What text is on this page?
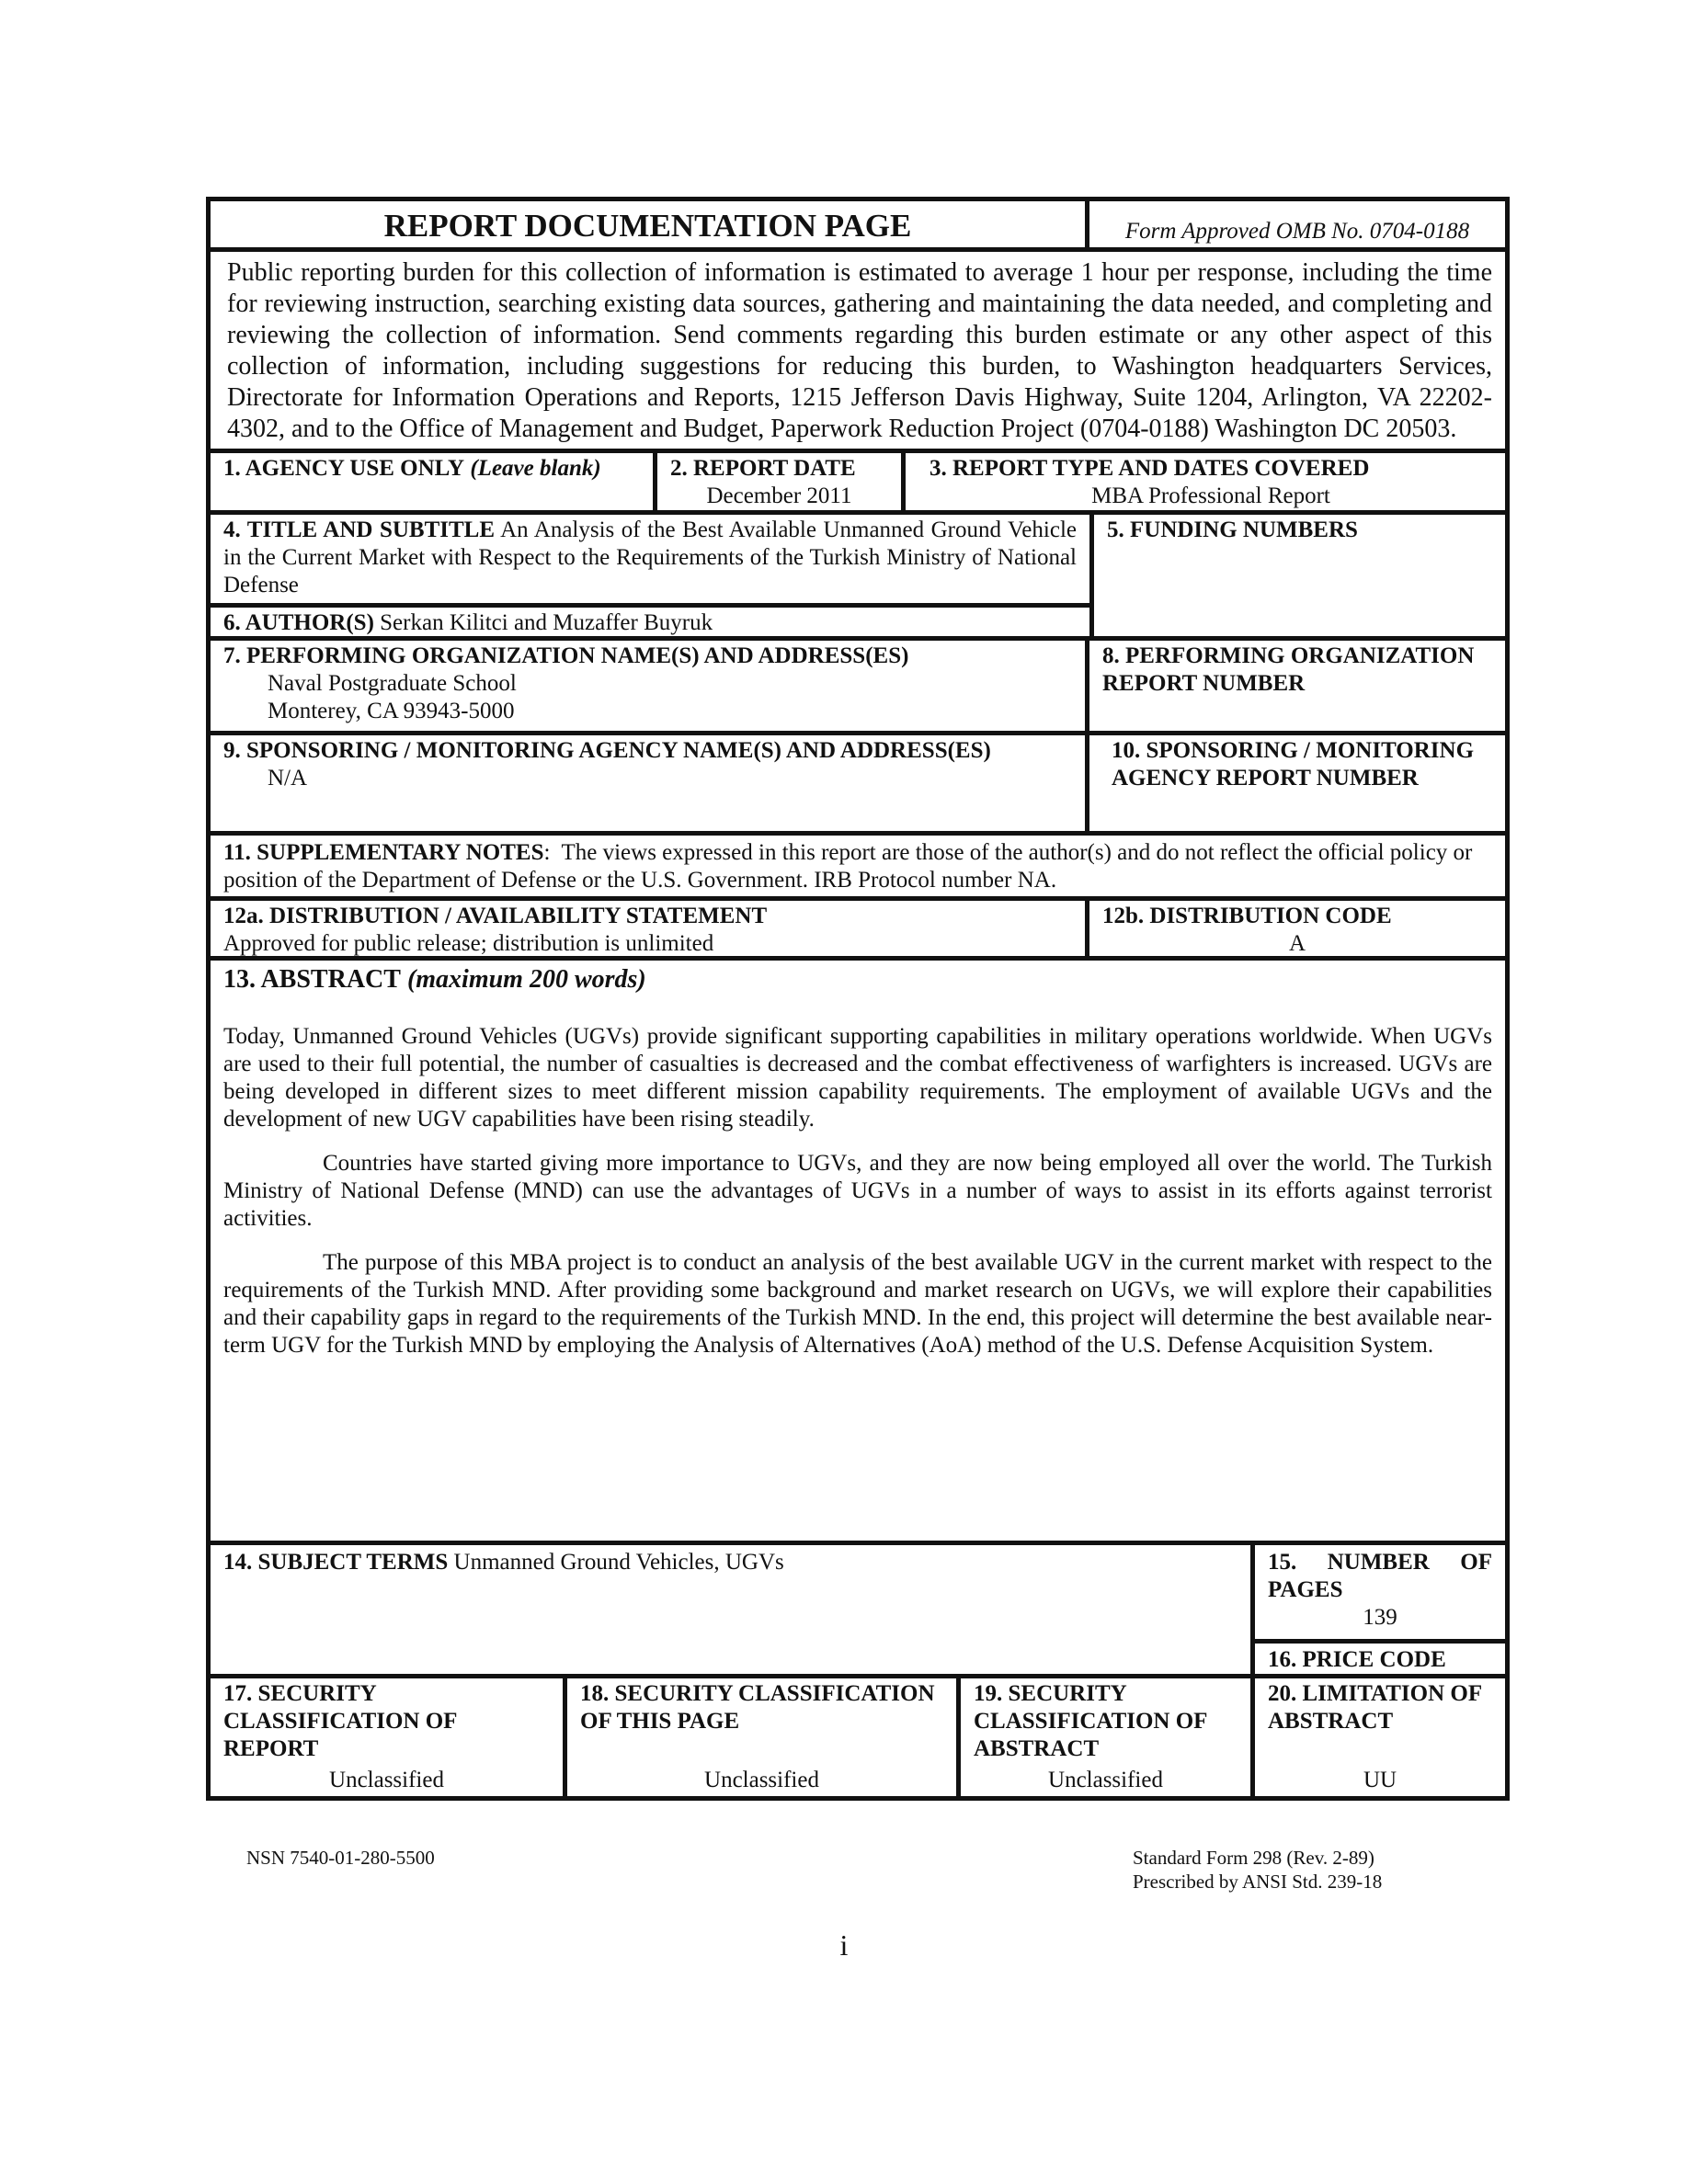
REPORT DOCUMENTATION PAGE	Form Approved OMB No. 0704-0188
Public reporting burden for this collection of information is estimated to average 1 hour per response, including the time for reviewing instruction, searching existing data sources, gathering and maintaining the data needed, and completing and reviewing the collection of information. Send comments regarding this burden estimate or any other aspect of this collection of information, including suggestions for reducing this burden, to Washington headquarters Services, Directorate for Information Operations and Reports, 1215 Jefferson Davis Highway, Suite 1204, Arlington, VA 22202-4302, and to the Office of Management and Budget, Paperwork Reduction Project (0704-0188) Washington DC 20503.
1. AGENCY USE ONLY (Leave blank)	2. REPORT DATE
December 2011
3. REPORT TYPE AND DATES COVERED
MBA Professional Report
4. TITLE AND SUBTITLE An Analysis of the Best Available Unmanned Ground Vehicle in the Current Market with Respect to the Requirements of the Turkish Ministry of National Defense
6. AUTHOR(S) Serkan Kilitci and Muzaffer Buyruk
5. FUNDING NUMBERS
7. PERFORMING ORGANIZATION NAME(S) AND ADDRESS(ES)
Naval Postgraduate School
Monterey, CA 93943-5000
8. PERFORMING ORGANIZATION REPORT NUMBER
9. SPONSORING / MONITORING AGENCY NAME(S) AND ADDRESS(ES)
N/A
10. SPONSORING / MONITORING AGENCY REPORT NUMBER
11. SUPPLEMENTARY NOTES:  The views expressed in this report are those of the author(s) and do not reflect the official policy or position of the Department of Defense or the U.S. Government. IRB Protocol number NA.
12a. DISTRIBUTION / AVAILABILITY STATEMENT
Approved for public release; distribution is unlimited
12b. DISTRIBUTION CODE
A
13. ABSTRACT (maximum 200 words)

Today, Unmanned Ground Vehicles (UGVs) provide significant supporting capabilities in military operations worldwide. When UGVs are used to their full potential, the number of casualties is decreased and the combat effectiveness of warfighters is increased. UGVs are being developed in different sizes to meet different mission capability requirements. The employment of available UGVs and the development of new UGV capabilities have been rising steadily.

Countries have started giving more importance to UGVs, and they are now being employed all over the world. The Turkish Ministry of National Defense (MND) can use the advantages of UGVs in a number of ways to assist in its efforts against terrorist activities.

The purpose of this MBA project is to conduct an analysis of the best available UGV in the current market with respect to the requirements of the Turkish MND. After providing some background and market research on UGVs, we will explore their capabilities and their capability gaps in regard to the requirements of the Turkish MND. In the end, this project will determine the best available near-term UGV for the Turkish MND by employing the Analysis of Alternatives (AoA) method of the U.S. Defense Acquisition System.

14. SUBJECT TERMS Unmanned Ground Vehicles, UGVs	15. NUMBER OF PAGES
139
16. PRICE CODE
17. SECURITY CLASSIFICATION OF REPORT
Unclassified
18. SECURITY CLASSIFICATION OF THIS PAGE
Unclassified
19. SECURITY CLASSIFICATION OF ABSTRACT
Unclassified
20. LIMITATION OF ABSTRACT
UU
NSN 7540-01-280-5500	Standard Form 298 (Rev. 2-89)
Prescribed by ANSI Std. 239-18
i
